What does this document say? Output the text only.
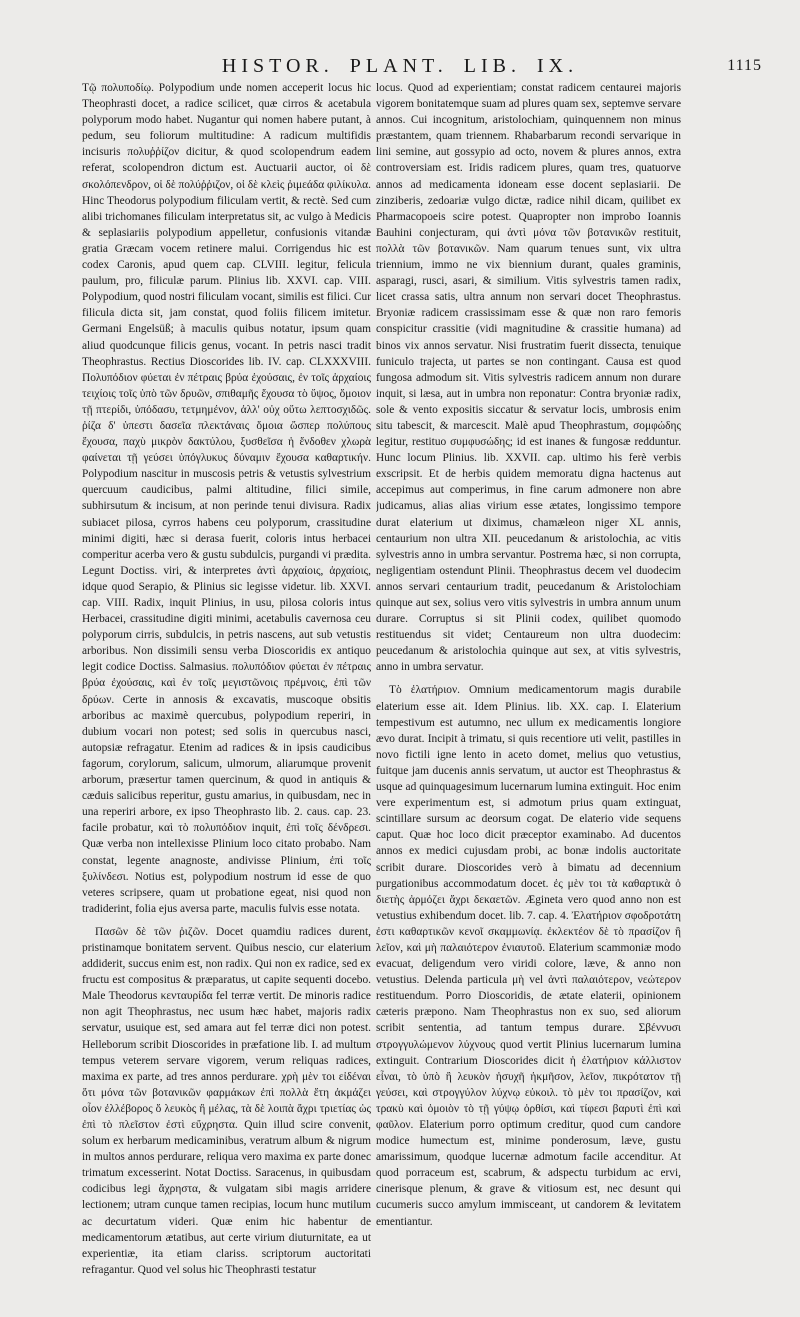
HISTOR. PLANT. LIB. IX.	1115

Τῷ πολυποδίῳ. Polypodium unde nomen acceperit locus hic Theophrasti docet, a radice scilicet, quæ cirros & acetabula polyporum modo habet. Nugantur qui nomen habere putant, à pedum, seu foliorum multitudine: A radicum multifidis incisuris πολυῤῥίζον dicitur, & quod scolopendrum eadem referat, scolopendron dictum est. Auctuarii auctor, οἱ δὲ σκολόπενδρον, οἱ δὲ πολύῤῥιζον, οἱ δὲ κλεὶς ῥιμεάδα φιλίκυλα. Hinc Theodorus polypodium filiculam vertit, & rectè. Sed cum alibi trichomanes filiculam interpretatus sit, ac vulgo à Medicis & seplasiariis polypodium appelletur, confusionis vitandæ gratia Græcam vocem retinere malui. Corrigendus hic est codex Caronis, apud quem cap. CLVIII. legitur, felicula paulum, pro, filiculæ parum. Plinius lib. XXVI. cap. VIII. Polypodium, quod nostri filiculam vocant, similis est filici. Cur filicula dicta sit, jam constat, quod foliis filicem imitetur. Germani Engelsüß; à maculis quibus notatur, ipsum quam aliud quodcunque filicis genus, vocant. In petris nasci tradit Theophrastus. Rectius Dioscorides lib. IV. cap. CLXXXVIII. Πολυπόδιον φύεται ἐν πέτραις βρύα ἐχούσαις, ἐν τοῖς ἀρχαίοις τειχίοις τοῖς ὑπὸ τῶν δρυῶν, σπιθαμῆς ἔχουσα τὸ ὕψος, ὅμοιον τῇ πτερίδι, ὑπόδασυ, τετμημένον, ἀλλ' οὐχ οὕτω λεπτοσχιδῶς. ῥίζα δ' ὑπεστι δασεῖα πλεκτάναις ὅμοια ὥσπερ πολύπους ἔχουσα, παχὺ μικρὸν δακτύλου, ξυσθεῖσα ἡ ἔνδοθεν χλωρὰ φαίνεται τῇ γεύσει ὑπόγλυκυς δύναμιν ἔχουσα καθαρτικήν. Polypodium nascitur in muscosis petris & vetustis sylvestrium quercuum caudicibus, palmi altitudine, filici simile, subhirsutum & incisum, at non perinde tenui divisura. Radix subiacet pilosa, cyrros habens ceu polyporum, crassitudine minimi digiti, hæc si derasa fuerit, coloris intus herbacei comperitur acerba vero & gustu subdulcis, purgandi vi prædita. Legunt Doctiss. viri, & interpretes ἀντὶ ἀρχαίοις, ἀρχαίοις, idque quod Serapio, & Plinius sic legisse videtur. lib. XXVI. cap. VIII. Radix, inquit Plinius, in usu, pilosa coloris intus Herbacei, crassitudine digiti minimi, acetabulis cavernosa ceu polyporum cirris, subdulcis, in petris nascens, aut sub vetustis arboribus. Non dissimili sensu verba Dioscoridis ex antiquo legit codice Doctiss. Salmasius. πολυπόδιον φύεται ἐν πέτραις βρύα ἐχούσαις, καὶ ἐν τοῖς μεγιστῶνοις πρέμνοις, ἐπὶ τῶν δρύων. Certe in annosis & excavatis, muscoque obsitis arboribus ac maximè quercubus, polypodium reperiri, in dubium vocari non potest; sed solis in quercubus nasci, autopsiæ refragatur. Etenim ad radices & in ipsis caudicibus fagorum, corylorum, salicum, ulmorum, aliarumque provenit arborum, præsertur tamen quercinum, & quod in antiquis & cæduis salicibus reperitur, gustu amarius, in quibusdam, nec in una reperiri arbore, ex ipso Theophrasto lib. 2. caus. cap. 23. facile probatur, καὶ τὸ πολυπόδιον inquit, ἐπὶ τοῖς δένδρεσι. Quæ verba non intellexisse Plinium loco citato probabo. Nam constat, legente anagnoste, andivisse Plinium, ἐπὶ τοῖς ξυλίνδεσι. Notius est, polypodium nostrum id esse de quo veteres scripsere, quam ut probatione egeat, nisi quod non tradiderint, folia ejus aversa parte, maculis fulvis esse notata.

Πασῶν δὲ τῶν ῥιζῶν. Docet quamdiu radices durent, pristinamque bonitatem servent. Quibus nescio, cur elaterium addiderit, succus enim est, non radix. Qui non ex radice, sed ex fructu est compositus & præparatus, ut capite sequenti docebo. Male Theodorus κενταυρίδα fel terræ vertit. De minoris radice non agit Theophrastus, nec usum hæc habet, majoris radix servatur, usuique est, sed amara aut fel terræ dici non potest. Helleborum scribit Dioscorides in præfatione lib. I. ad multum tempus veterem servare vigorem, verum reliquas radices, maxima ex parte, ad tres annos perdurare. χρὴ μὲν τοι εἰδέναι ὅτι μόνα τῶν βοτανικῶν φαρμάκων ἐπὶ πολλὰ ἔτη ἀκμάζει οἷον ἐλλέβορος ὅ λευκὸς ἢ μέλας, τὰ δὲ λοιπὰ ἄχρι τριετίας ὡς ἐπὶ τὸ πλεῖστον ἐστὶ εὔχρηστα. Quin illud scire convenit, solum ex herbarum medicaminibus, veratrum album & nigrum in multos annos perdurare, reliqua vero maxima ex parte donec trimatum excesserint. Notat Doctiss. Saracenus, in quibusdam codicibus legi ἄχρηστα, & vulgatam sibi magis arridere lectionem; utram cunque tamen recipias, locum hunc mutilum ac decurtatum videri. Quæ enim hic habentur de medicamentorum ætatibus, aut certe virium diuturnitate, ea ut experientiæ, ita etiam clariss. scriptorum auctoritati refragantur. Quod vel solus hic Theophrasti testatur

locus. Quod ad experientiam; constat radicem centaurei majoris vigorem bonitatemque suam ad plures quam sex, septemve servare annos. Cui incognitum, aristolochiam, quinquennem non minus præstantem, quam triennem. Rhabarbarum recondi servarique in lini semine, aut gossypio ad octo, novem & plures annos, extra controversiam est. Iridis radicem plures, quam tres, quatuorve annos ad medicamenta idoneam esse docent seplasiarii. De zinziberis, zedoariæ vulgo dictæ, radice nihil dicam, quilibet ex Pharmacopoeis scire potest. Quapropter non improbo Ioannis Bauhini conjecturam, qui ἀντὶ μόνα τῶν βοτανικῶν restituit, πολλὰ τῶν βοτανικῶν. Nam quarum tenues sunt, vix ultra triennium, immo ne vix biennium durant, quales graminis, asparagi, rusci, asari, & similium. Vitis sylvestris tamen radix, licet crassa satis, ultra annum non servari docet Theophrastus. Bryoniæ radicem crassissimam esse & quæ non raro femoris conspicitur crassitie (vidi magnitudine & crassitie humana) ad binos vix annos servatur. Nisi frustratim fuerit dissecta, tenuique funiculo trajecta, ut partes se non contingant. Causa est quod fungosa admodum sit. Vitis sylvestris radicem annum non durare inquit, si læsa, aut in umbra non reponatur: Contra bryoniæ radix, sole & vento expositis siccatur & servatur locis, umbrosis enim situ tabescit, & marcescit. Malè apud Theophrastum, σομφώδης legitur, restituo συμφυσώδης; id est inanes & fungosæ redduntur. Hunc locum Plinius. lib. XXVII. cap. ultimo his ferè verbis exscripsit. Et de herbis quidem memoratu digna hactenus aut accepimus aut comperimus, in fine carum admonere non abre judicamus, alias alias virium esse ætates, longissimo tempore durat elaterium ut diximus, chamæleon niger XL annis, centaurium non ultra XII. peucedanum & aristolochia, ac vitis sylvestris anno in umbra servantur. Postrema hæc, si non corrupta, negligentiam ostendunt Plinii. Theophrastus decem vel duodecim annos servari centaurium tradit, peucedanum & Aristolochiam quinque aut sex, solius vero vitis sylvestris in umbra annum unum durare. Corruptus si sit Plinii codex, quilibet quomodo restituendus sit videt; Centaureum non ultra duodecim: peucedanum & aristolochia quinque aut sex, at vitis sylvestris, anno in umbra servatur.

Τὸ ἐλατήριον. Omnium medicamentorum magis durabile elaterium esse ait. Idem Plinius. lib. XX. cap. I. Elaterium tempestivum est autumno, nec ullum ex medicamentis longiore ævo durat. Incipit à trimatu, si quis recentiore uti velit, pastilles in novo fictili igne lento in aceto domet, melius quo vetustius, fuitque jam ducenis annis servatum, ut auctor est Theophrastus & usque ad quinquagesimum lucernarum lumina extinguit. Hoc enim vere experimentum est, si admotum prius quam extinguat, scintillare sursum ac deorsum cogat. De elaterio vide sequens caput. Quæ hoc loco dicit præceptor examinabo. Ad ducentos annos ex medici cujusdam probi, ac bonæ indolis auctoritate scribit durare. Dioscorides verò à bimatu ad decennium purgationibus accommodatum docet. ἐς μὲν τοι τὰ καθαρτικὰ ὁ διετὴς ἁρμόζει ἄχρι δεκαετῶν. Ægineta vero quod anno non est vetustius exhibendum docet. lib. 7. cap. 4. Ἐλατήριον σφοδροτάτη ἐστι καθαρτικῶν κενοῖ σκαμμωνίᾳ. ἐκλεκτέον δὲ τὸ πρασίζον ἢ λεῖον, καὶ μὴ παλαιότερον ἐνιαυτοῦ. Elaterium scammoniæ modo evacuat, deligendum vero viridi colore, læve, & anno non vetustius. Delenda particula μὴ vel ἀντὶ παλαιότερον, νεώτερον restituendum. Porro Dioscoridis, de ætate elaterii, opinionem cæteris præpono. Nam Theophrastus non ex suo, sed aliorum scribit sententia, ad tantum tempus durare. Σβέννυσι στρογγυλώμενον λύχνους quod vertit Plinius lucernarum lumina extinguit. Contrarium Dioscorides dicit ἡ ἐλατήριον κάλλιστον εἶναι, τὸ ὑπὸ ἢ λευκὸν ἠσυχῆ ἠκμῆσον, λεῖον, πικρότατον τῇ γεύσει, καὶ στρογγύλον λύχνῳ εὐκοιλ. τὸ μὲν τοι πρασίζον, καὶ τρακὺ καὶ ὁμοιὸν τὸ τῇ γύψῳ ὀρθίσι, καὶ τίφεσι βαρυτὶ ἐπὶ καὶ φαῦλον. Elaterium porro optimum creditur, quod cum candore modice humectum est, minime ponderosum, læve, gustu amarissimum, quodque lucernæ admotum facile accenditur. At quod porraceum est, scabrum, & adspectu turbidum ac ervi, cinerisque plenum, & grave & vitiosum est, nec desunt qui cucumeris succo amylum immisceant, ut candorem & levitatem ementiantur.
